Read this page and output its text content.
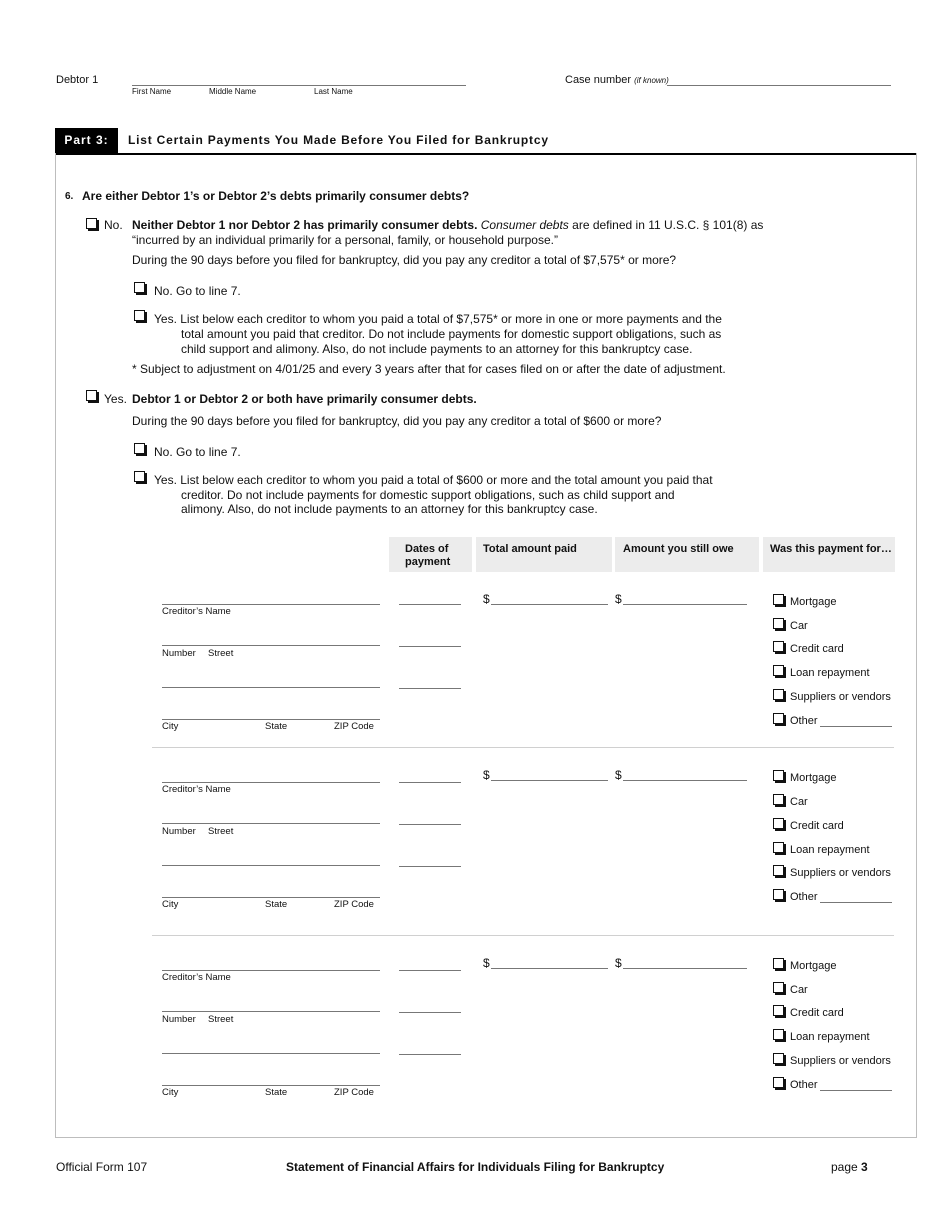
Debtor 1
First Name	Middle Name	Last Name
Case number (if known)
Part 3:	List Certain Payments You Made Before You Filed for Bankruptcy
6. Are either Debtor 1’s or Debtor 2’s debts primarily consumer debts?
No. Neither Debtor 1 nor Debtor 2 has primarily consumer debts. Consumer debts are defined in 11 U.S.C. § 101(8) as
“incurred by an individual primarily for a personal, family, or household purpose.”
During the 90 days before you filed for bankruptcy, did you pay any creditor a total of $7,575* or more?
No. Go to line 7.
Yes. List below each creditor to whom you paid a total of $7,575* or more in one or more payments and the
total amount you paid that creditor. Do not include payments for domestic support obligations, such as
child support and alimony. Also, do not include payments to an attorney for this bankruptcy case.
* Subject to adjustment on 4/01/25 and every 3 years after that for cases filed on or after the date of adjustment.
Yes. Debtor 1 or Debtor 2 or both have primarily consumer debts.
During the 90 days before you filed for bankruptcy, did you pay any creditor a total of $600 or more?
No. Go to line 7.
Yes. List below each creditor to whom you paid a total of $600 or more and the total amount you paid that
creditor. Do not include payments for domestic support obligations, such as child support and
alimony. Also, do not include payments to an attorney for this bankruptcy case.
Dates of
payment
Total amount paid	Amount you still owe	Was this payment for…
Creditor’s Name
Number Street
City	State	ZIP Code
$	$	Mortgage
Car
Credit card
Loan repayment
Suppliers or vendors
Other
Creditor’s Name
Number Street
City	State	ZIP Code
$	$	Mortgage
Car
Credit card
Loan repayment
Suppliers or vendors
Other
Creditor’s Name
Number Street
City	State	ZIP Code
$	$	Mortgage
Car
Credit card
Loan repayment
Suppliers or vendors
Other
Official Form 107	Statement of Financial Affairs for Individuals Filing for Bankruptcy	page 3
